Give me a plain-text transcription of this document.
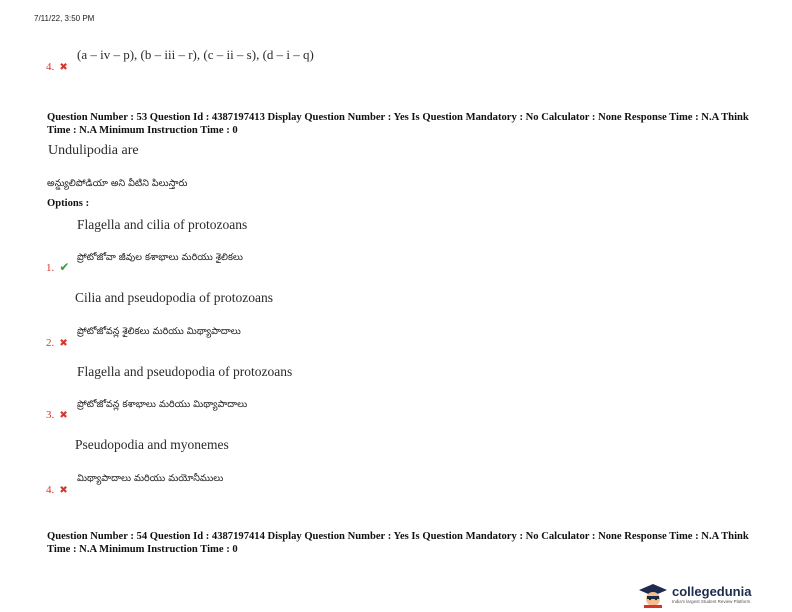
7/11/22, 3:50 PM
4. ✖
(a – iv – p), (b – iii – r), (c – ii – s), (d – i – q)
Question Number : 53 Question Id : 4387197413 Display Question Number : Yes Is Question Mandatory : No Calculator : None Response Time : N.A Think Time : N.A Minimum Instruction Time : 0
Undulipodia are
అన్డ్యులిపోడియా అని వీటిని పిలుస్తారు
Options :
Flagella and cilia of protozoans
1. ✔
ప్రోటోజోవా జీవుల కశాభాలు మరియు శైలికలు
Cilia and pseudopodia of protozoans
2. ✖
ప్రోటోజోవన్ల శైలికలు మరియు మిథ్యాపాదాలు
Flagella and pseudopodia of protozoans
3. ✖
ప్రోటోజోవన్ల కశాభాలు మరియు మిథ్యాపాదాలు
Pseudopodia and myonemes
4. ✖
మిథ్యాపాదాలు మరియు మయోనీములు
Question Number : 54 Question Id : 4387197414 Display Question Number : Yes Is Question Mandatory : No Calculator : None Response Time : N.A Think Time : N.A Minimum Instruction Time : 0
collegedunia
India's largest Student Review Platform
